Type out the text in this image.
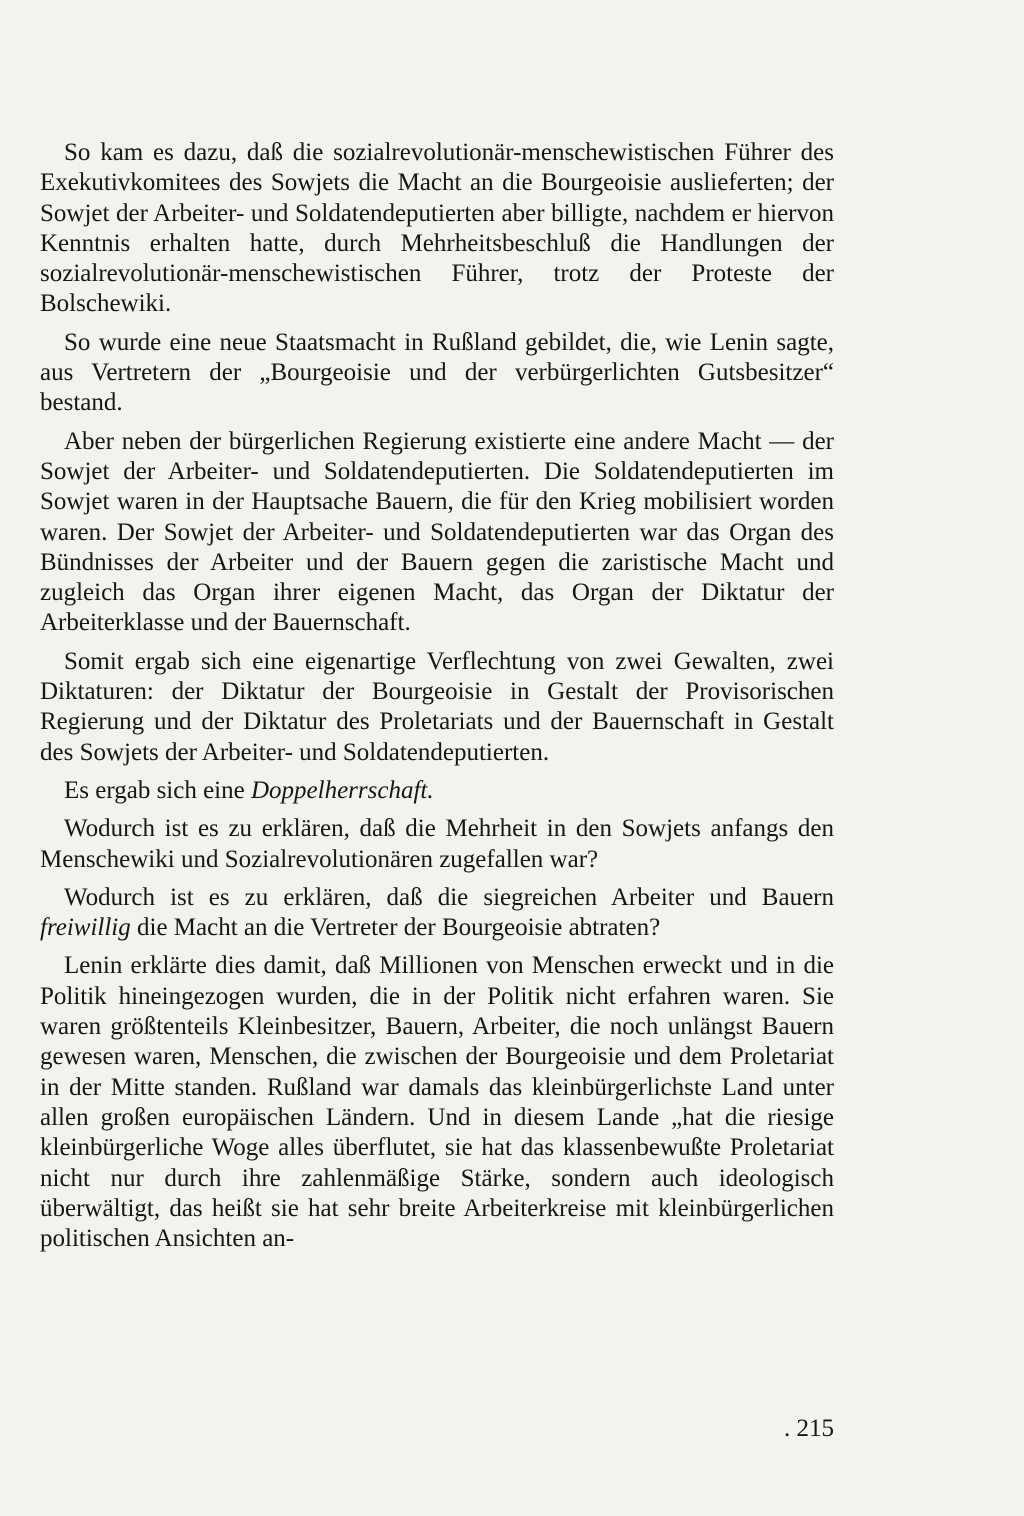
So kam es dazu, daß die sozialrevolutionär-menschewistischen Führer des Exekutivkomitees des Sowjets die Macht an die Bourgeoisie auslieferten; der Sowjet der Arbeiter- und Soldatendeputierten aber billigte, nachdem er hiervon Kenntnis erhalten hatte, durch Mehrheitsbeschluß die Handlungen der sozialrevolutionär-menschewistischen Führer, trotz der Proteste der Bolschewiki.

So wurde eine neue Staatsmacht in Rußland gebildet, die, wie Lenin sagte, aus Vertretern der „Bourgeoisie und der verbürgerlichten Gutsbesitzer“ bestand.

Aber neben der bürgerlichen Regierung existierte eine andere Macht — der Sowjet der Arbeiter- und Soldatendeputierten. Die Soldatendeputierten im Sowjet waren in der Hauptsache Bauern, die für den Krieg mobilisiert worden waren. Der Sowjet der Arbeiter- und Soldatendeputierten war das Organ des Bündnisses der Arbeiter und der Bauern gegen die zaristische Macht und zugleich das Organ ihrer eigenen Macht, das Organ der Diktatur der Arbeiterklasse und der Bauernschaft.

Somit ergab sich eine eigenartige Verflechtung von zwei Gewalten, zwei Diktaturen: der Diktatur der Bourgeoisie in Gestalt der Provisorischen Regierung und der Diktatur des Proletariats und der Bauernschaft in Gestalt des Sowjets der Arbeiter- und Soldatendeputierten.

Es ergab sich eine Doppelherrschaft.

Wodurch ist es zu erklären, daß die Mehrheit in den Sowjets anfangs den Menschewiki und Sozialrevolutionären zugefallen war?

Wodurch ist es zu erklären, daß die siegreichen Arbeiter und Bauern freiwillig die Macht an die Vertreter der Bourgeoisie abtraten?

Lenin erklärte dies damit, daß Millionen von Menschen erweckt und in die Politik hineingezogen wurden, die in der Politik nicht erfahren waren. Sie waren größtenteils Kleinbesitzer, Bauern, Arbeiter, die noch unlängst Bauern gewesen waren, Menschen, die zwischen der Bourgeoisie und dem Proletariat in der Mitte standen. Rußland war damals das kleinbürgerlichste Land unter allen großen europäischen Ländern. Und in diesem Lande „hat die riesige kleinbürgerliche Woge alles überflutet, sie hat das klassenbewußte Proletariat nicht nur durch ihre zahlenmäßige Stärke, sondern auch ideologisch überwältigt, das heißt sie hat sehr breite Arbeiterkreise mit kleinbürgerlichen politischen Ansichten an-

. 215
